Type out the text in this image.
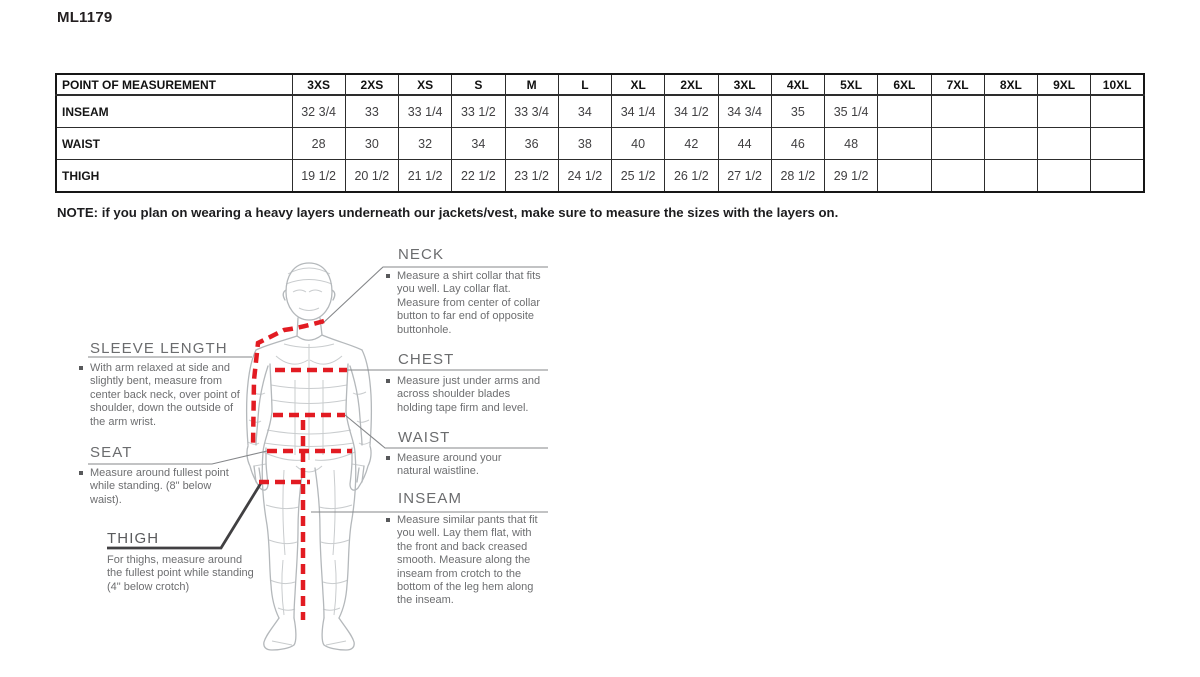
ML1179
POINT OF MEASUREMENT	3XS	2XS	XS	S	M	L	XL	2XL	3XL	4XL	5XL	6XL	7XL	8XL	9XL	10XL
INSEAM	32 3/4	33	33 1/4	33 1/2	33 3/4	34	34 1/4	34 1/2	34 3/4	35	35 1/4					
WAIST	28	30	32	34	36	38	40	42	44	46	48					
THIGH	19 1/2	20 1/2	21 1/2	22 1/2	23 1/2	24 1/2	25 1/2	26 1/2	27 1/2	28 1/2	29 1/2					
NOTE: if you plan on wearing a heavy layers underneath our jackets/vest, make sure to measure the sizes with the layers on.
NECK
Measure a shirt collar that fits you well. Lay collar flat. Measure from center of collar button to far end of opposite buttonhole.
CHEST
Measure just under arms and across shoulder blades holding tape firm and level.
WAIST
Measure around your natural waistline.
INSEAM
Measure similar pants that fit you well. Lay them flat, with the front and back creased smooth. Measure along the inseam from crotch to the bottom of the leg hem along the inseam.
SLEEVE LENGTH
With arm relaxed at side and slightly bent, measure from center back neck, over point of shoulder, down the outside of the arm wrist.
SEAT
Measure around fullest point while standing. (8" below waist).
THIGH
For thighs, measure around the fullest point while standing (4" below crotch)
